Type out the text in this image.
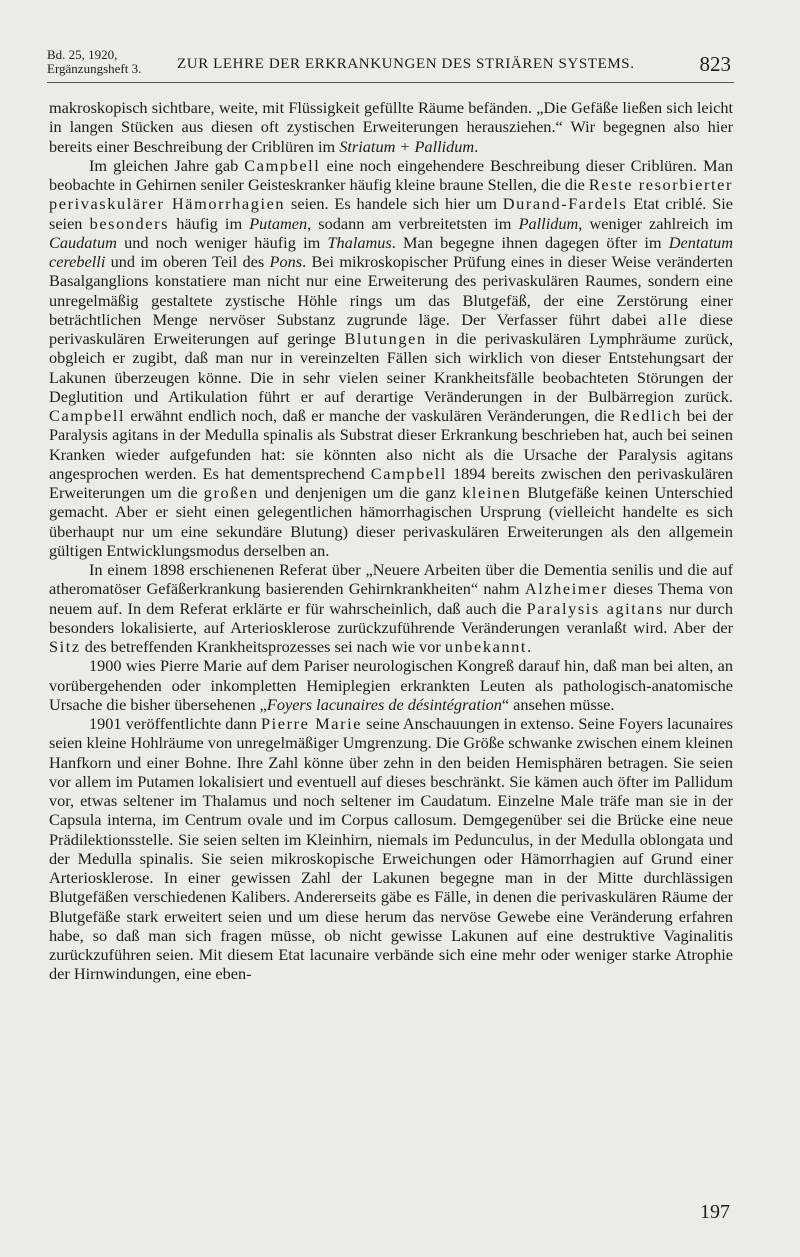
Bd. 25, 1920,
Ergänzungsheft 3. ZUR LEHRE DER ERKRANKUNGEN DES STRIÄREN SYSTEMS.	823

makroskopisch sichtbare, weite, mit Flüssigkeit gefüllte Räume befänden. „Die Gefäße ließen sich leicht in langen Stücken aus diesen oft zystischen Erweiterungen herausziehen.“ Wir begegnen also hier bereits einer Beschreibung der Criblüren im Striatum + Pallidum.

Im gleichen Jahre gab Campbell eine noch eingehendere Beschreibung dieser Criblüren. Man beobachte in Gehirnen seniler Geisteskranker häufig kleine braune Stellen, die die Reste resorbierter perivaskulärer Hämorrhagien seien. Es handele sich hier um Durand-Fardels Etat criblé. Sie seien besonders häufig im Putamen, sodann am verbreitetsten im Pallidum, weniger zahlreich im Caudatum und noch weniger häufig im Thalamus. Man begegne ihnen dagegen öfter im Dentatum cerebelli und im oberen Teil des Pons. Bei mikroskopischer Prüfung eines in dieser Weise veränderten Basalganglions konstatiere man nicht nur eine Erweiterung des perivaskulären Raumes, sondern eine unregelmäßig gestaltete zystische Höhle rings um das Blutgefäß, der eine Zerstörung einer beträchtlichen Menge nervöser Substanz zugrunde läge. Der Verfasser führt dabei alle diese perivaskulären Erweiterungen auf geringe Blutungen in die perivaskulären Lymphräume zurück, obgleich er zugibt, daß man nur in vereinzelten Fällen sich wirklich von dieser Entstehungsart der Lakunen überzeugen könne. Die in sehr vielen seiner Krankheitsfälle beobachteten Störungen der Deglutition und Artikulation führt er auf derartige Veränderungen in der Bulbärregion zurück. Campbell erwähnt endlich noch, daß er manche der vaskulären Veränderungen, die Redlich bei der Paralysis agitans in der Medulla spinalis als Substrat dieser Erkrankung beschrieben hat, auch bei seinen Kranken wieder aufgefunden hat: sie könnten also nicht als die Ursache der Paralysis agitans angesprochen werden. Es hat dementsprechend Campbell 1894 bereits zwischen den perivaskulären Erweiterungen um die großen und denjenigen um die ganz kleinen Blutgefäße keinen Unterschied gemacht. Aber er sieht einen gelegentlichen hämorrhagischen Ursprung (vielleicht handelte es sich überhaupt nur um eine sekundäre Blutung) dieser perivaskulären Erweiterungen als den allgemein gültigen Entwicklungsmodus derselben an.

In einem 1898 erschienenen Referat über „Neuere Arbeiten über die Dementia senilis und die auf atheromatöser Gefäßerkrankung basierenden Gehirnkrankheiten“ nahm Alzheimer dieses Thema von neuem auf. In dem Referat erklärte er für wahrscheinlich, daß auch die Paralysis agitans nur durch besonders lokalisierte, auf Arteriosklerose zurückzuführende Veränderungen veranlaßt wird. Aber der Sitz des betreffenden Krankheitsprozesses sei nach wie vor unbekannt.

1900 wies Pierre Marie auf dem Pariser neurologischen Kongreß darauf hin, daß man bei alten, an vorübergehenden oder inkompletten Hemiplegien erkrankten Leuten als pathologisch-anatomische Ursache die bisher übersehenen „Foyers lacunaires de désintégration“ ansehen müsse.

1901 veröffentlichte dann Pierre Marie seine Anschauungen in extenso. Seine Foyers lacunaires seien kleine Hohlräume von unregelmäßiger Umgrenzung. Die Größe schwanke zwischen einem kleinen Hanfkorn und einer Bohne. Ihre Zahl könne über zehn in den beiden Hemisphären betragen. Sie seien vor allem im Putamen lokalisiert und eventuell auf dieses beschränkt. Sie kämen auch öfter im Pallidum vor, etwas seltener im Thalamus und noch seltener im Caudatum. Einzelne Male träfe man sie in der Capsula interna, im Centrum ovale und im Corpus callosum. Demgegenüber sei die Brücke eine neue Prädilektionsstelle. Sie seien selten im Kleinhirn, niemals im Pedunculus, in der Medulla oblongata und der Medulla spinalis. Sie seien mikroskopische Erweichungen oder Hämorrhagien auf Grund einer Arteriosklerose. In einer gewissen Zahl der Lakunen begegne man in der Mitte durchlässigen Blutgefäßen verschiedenen Kalibers. Andererseits gäbe es Fälle, in denen die perivaskulären Räume der Blutgefäße stark erweitert seien und um diese herum das nervöse Gewebe eine Veränderung erfahren habe, so daß man sich fragen müsse, ob nicht gewisse Lakunen auf eine destruktive Vaginalitis zurückzuführen seien. Mit diesem Etat lacunaire verbände sich eine mehr oder weniger starke Atrophie der Hirnwindungen, eine eben-

197
